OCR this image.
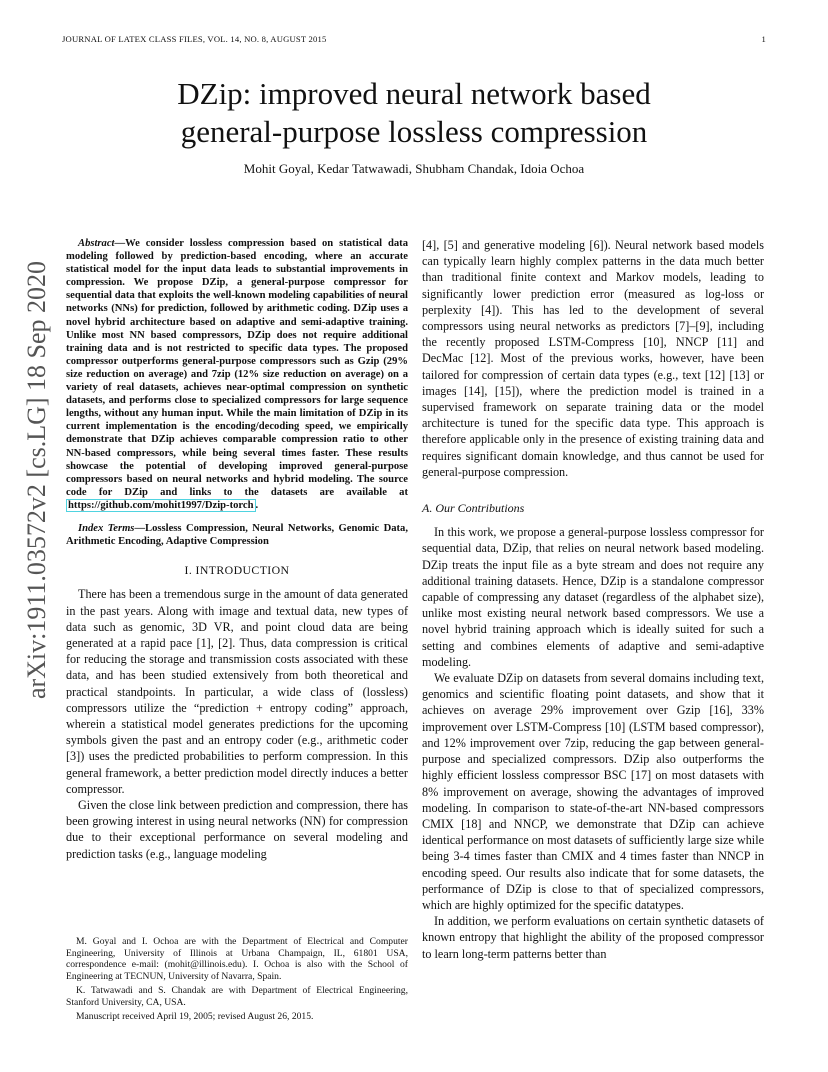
JOURNAL OF LATEX CLASS FILES, VOL. 14, NO. 8, AUGUST 2015	1
arXiv:1911.03572v2 [cs.LG] 18 Sep 2020
DZip: improved neural network based
general-purpose lossless compression
Mohit Goyal, Kedar Tatwawadi, Shubham Chandak, Idoia Ochoa

Abstract—We consider lossless compression based on statistical data modeling followed by prediction-based encoding, where an accurate statistical model for the input data leads to substantial improvements in compression. We propose DZip, a general-purpose compressor for sequential data that exploits the well-known modeling capabilities of neural networks (NNs) for prediction, followed by arithmetic coding. DZip uses a novel hybrid architecture based on adaptive and semi-adaptive training. Unlike most NN based compressors, DZip does not require additional training data and is not restricted to specific data types. The proposed compressor outperforms general-purpose compressors such as Gzip (29% size reduction on average) and 7zip (12% size reduction on average) on a variety of real datasets, achieves near-optimal compression on synthetic datasets, and performs close to specialized compressors for large sequence lengths, without any human input. While the main limitation of DZip in its current implementation is the encoding/decoding speed, we empirically demonstrate that DZip achieves comparable compression ratio to other NN-based compressors, while being several times faster. These results showcase the potential of developing improved general-purpose compressors based on neural networks and hybrid modeling. The source code for DZip and links to the datasets are available at https://github.com/mohit1997/Dzip-torch .

Index Terms—Lossless Compression, Neural Networks, Genomic Data, Arithmetic Encoding, Adaptive Compression

I. INTRODUCTION

There has been a tremendous surge in the amount of data generated in the past years. Along with image and textual data, new types of data such as genomic, 3D VR, and point cloud data are being generated at a rapid pace [1], [2]. Thus, data compression is critical for reducing the storage and transmission costs associated with these data, and has been studied extensively from both theoretical and practical standpoints. In particular, a wide class of (lossless) compressors utilize the “prediction + entropy coding” approach, wherein a statistical model generates predictions for the upcoming symbols given the past and an entropy coder (e.g., arithmetic coder [3]) uses the predicted probabilities to perform compression. In this general framework, a better prediction model directly induces a better compressor.

Given the close link between prediction and compression, there has been growing interest in using neural networks (NN) for compression due to their exceptional performance on several modeling and prediction tasks (e.g., language modeling

M. Goyal and I. Ochoa are with the Department of Electrical and Computer Engineering, University of Illinois at Urbana Champaign, IL, 61801 USA, correspondence e-mail: (mohit@illinois.edu). I. Ochoa is also with the School of Engineering at TECNUN, University of Navarra, Spain.

K. Tatwawadi and S. Chandak are with Department of Electrical Engineering, Stanford University, CA, USA.

Manuscript received April 19, 2005; revised August 26, 2015.

[4], [5] and generative modeling [6]). Neural network based models can typically learn highly complex patterns in the data much better than traditional finite context and Markov models, leading to significantly lower prediction error (measured as log-loss or perplexity [4]). This has led to the development of several compressors using neural networks as predictors [7]–[9], including the recently proposed LSTM-Compress [10], NNCP [11] and DecMac [12]. Most of the previous works, however, have been tailored for compression of certain data types (e.g., text [12] [13] or images [14], [15]), where the prediction model is trained in a supervised framework on separate training data or the model architecture is tuned for the specific data type. This approach is therefore applicable only in the presence of existing training data and requires significant domain knowledge, and thus cannot be used for general-purpose compression.

A. Our Contributions

In this work, we propose a general-purpose lossless compressor for sequential data, DZip, that relies on neural network based modeling. DZip treats the input file as a byte stream and does not require any additional training datasets. Hence, DZip is a standalone compressor capable of compressing any dataset (regardless of the alphabet size), unlike most existing neural network based compressors. We use a novel hybrid training approach which is ideally suited for such a setting and combines elements of adaptive and semi-adaptive modeling.

We evaluate DZip on datasets from several domains including text, genomics and scientific floating point datasets, and show that it achieves on average 29% improvement over Gzip [16], 33% improvement over LSTM-Compress [10] (LSTM based compressor), and 12% improvement over 7zip, reducing the gap between general-purpose and specialized compressors. DZip also outperforms the highly efficient lossless compressor BSC [17] on most datasets with 8% improvement on average, showing the advantages of improved modeling. In comparison to state-of-the-art NN-based compressors CMIX [18] and NNCP, we demonstrate that DZip can achieve identical performance on most datasets of sufficiently large size while being 3-4 times faster than CMIX and 4 times faster than NNCP in encoding speed. Our results also indicate that for some datasets, the performance of DZip is close to that of specialized compressors, which are highly optimized for the specific datatypes.

In addition, we perform evaluations on certain synthetic datasets of known entropy that highlight the ability of the proposed compressor to learn long-term patterns better than
